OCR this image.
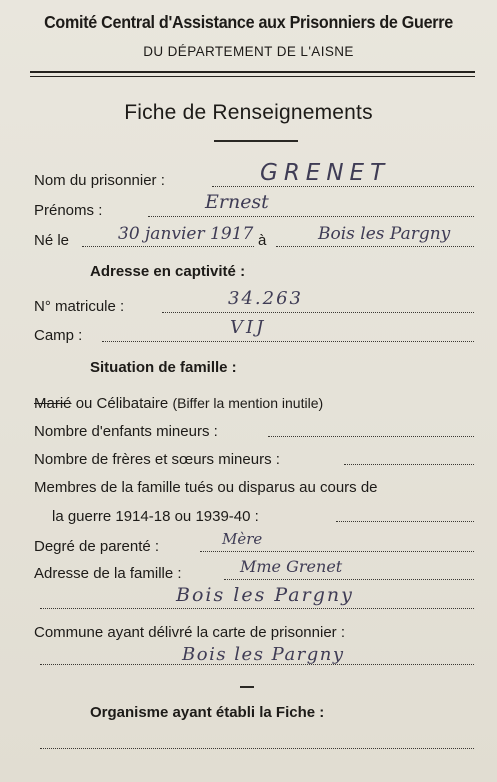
Comité Central d'Assistance aux Prisonniers de Guerre
DU DÉPARTEMENT DE L'AISNE
Fiche de Renseignements
Nom du prisonnier :	GRENET
Prénoms :	Ernest
Né le	30 janvier 1917 à	Bois les Pargny
Adresse en captivité :
N° matricule :	34.263
Camp :	VIJ
Situation de famille :
Marié ou Célibataire (Biffer la mention inutile)
Nombre d'enfants mineurs :
Nombre de frères et sœurs mineurs :
Membres de la famille tués ou disparus au cours de
la guerre 1914-18 ou 1939-40 :
Degré de parenté :	Mère
Adresse de la famille :	Mme Grenet
Bois les Pargny
Commune ayant délivré la carte de prisonnier :
Bois les Pargny
Organisme ayant établi la Fiche :
